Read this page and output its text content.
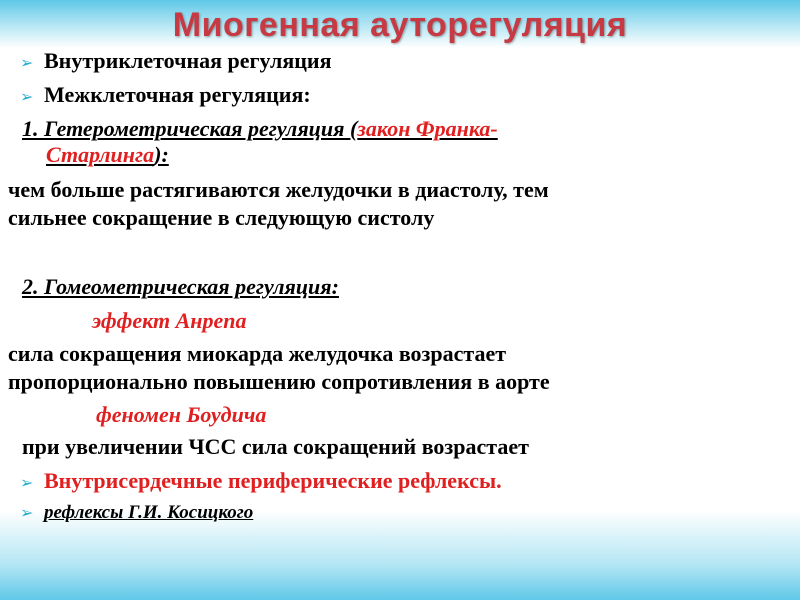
Миогенная ауторегуляция
➢ Внутриклеточная регуляция
➢ Межклеточная регуляция:
1. Гетерометрическая регуляция (закон Франка-
Старлинга):
чем больше растягиваются желудочки в диастолу, тем
сильнее сокращение в следующую систолу
2. Гомеометрическая регуляция:
эффект Анрепа
сила сокращения миокарда желудочка возрастает
пропорционально повышению сопротивления в аорте
феномен Боудича
при увеличении ЧСС сила сокращений возрастает
➢ Внутрисердечные периферические рефлексы.
➢ рефлексы Г.И. Косицкого
